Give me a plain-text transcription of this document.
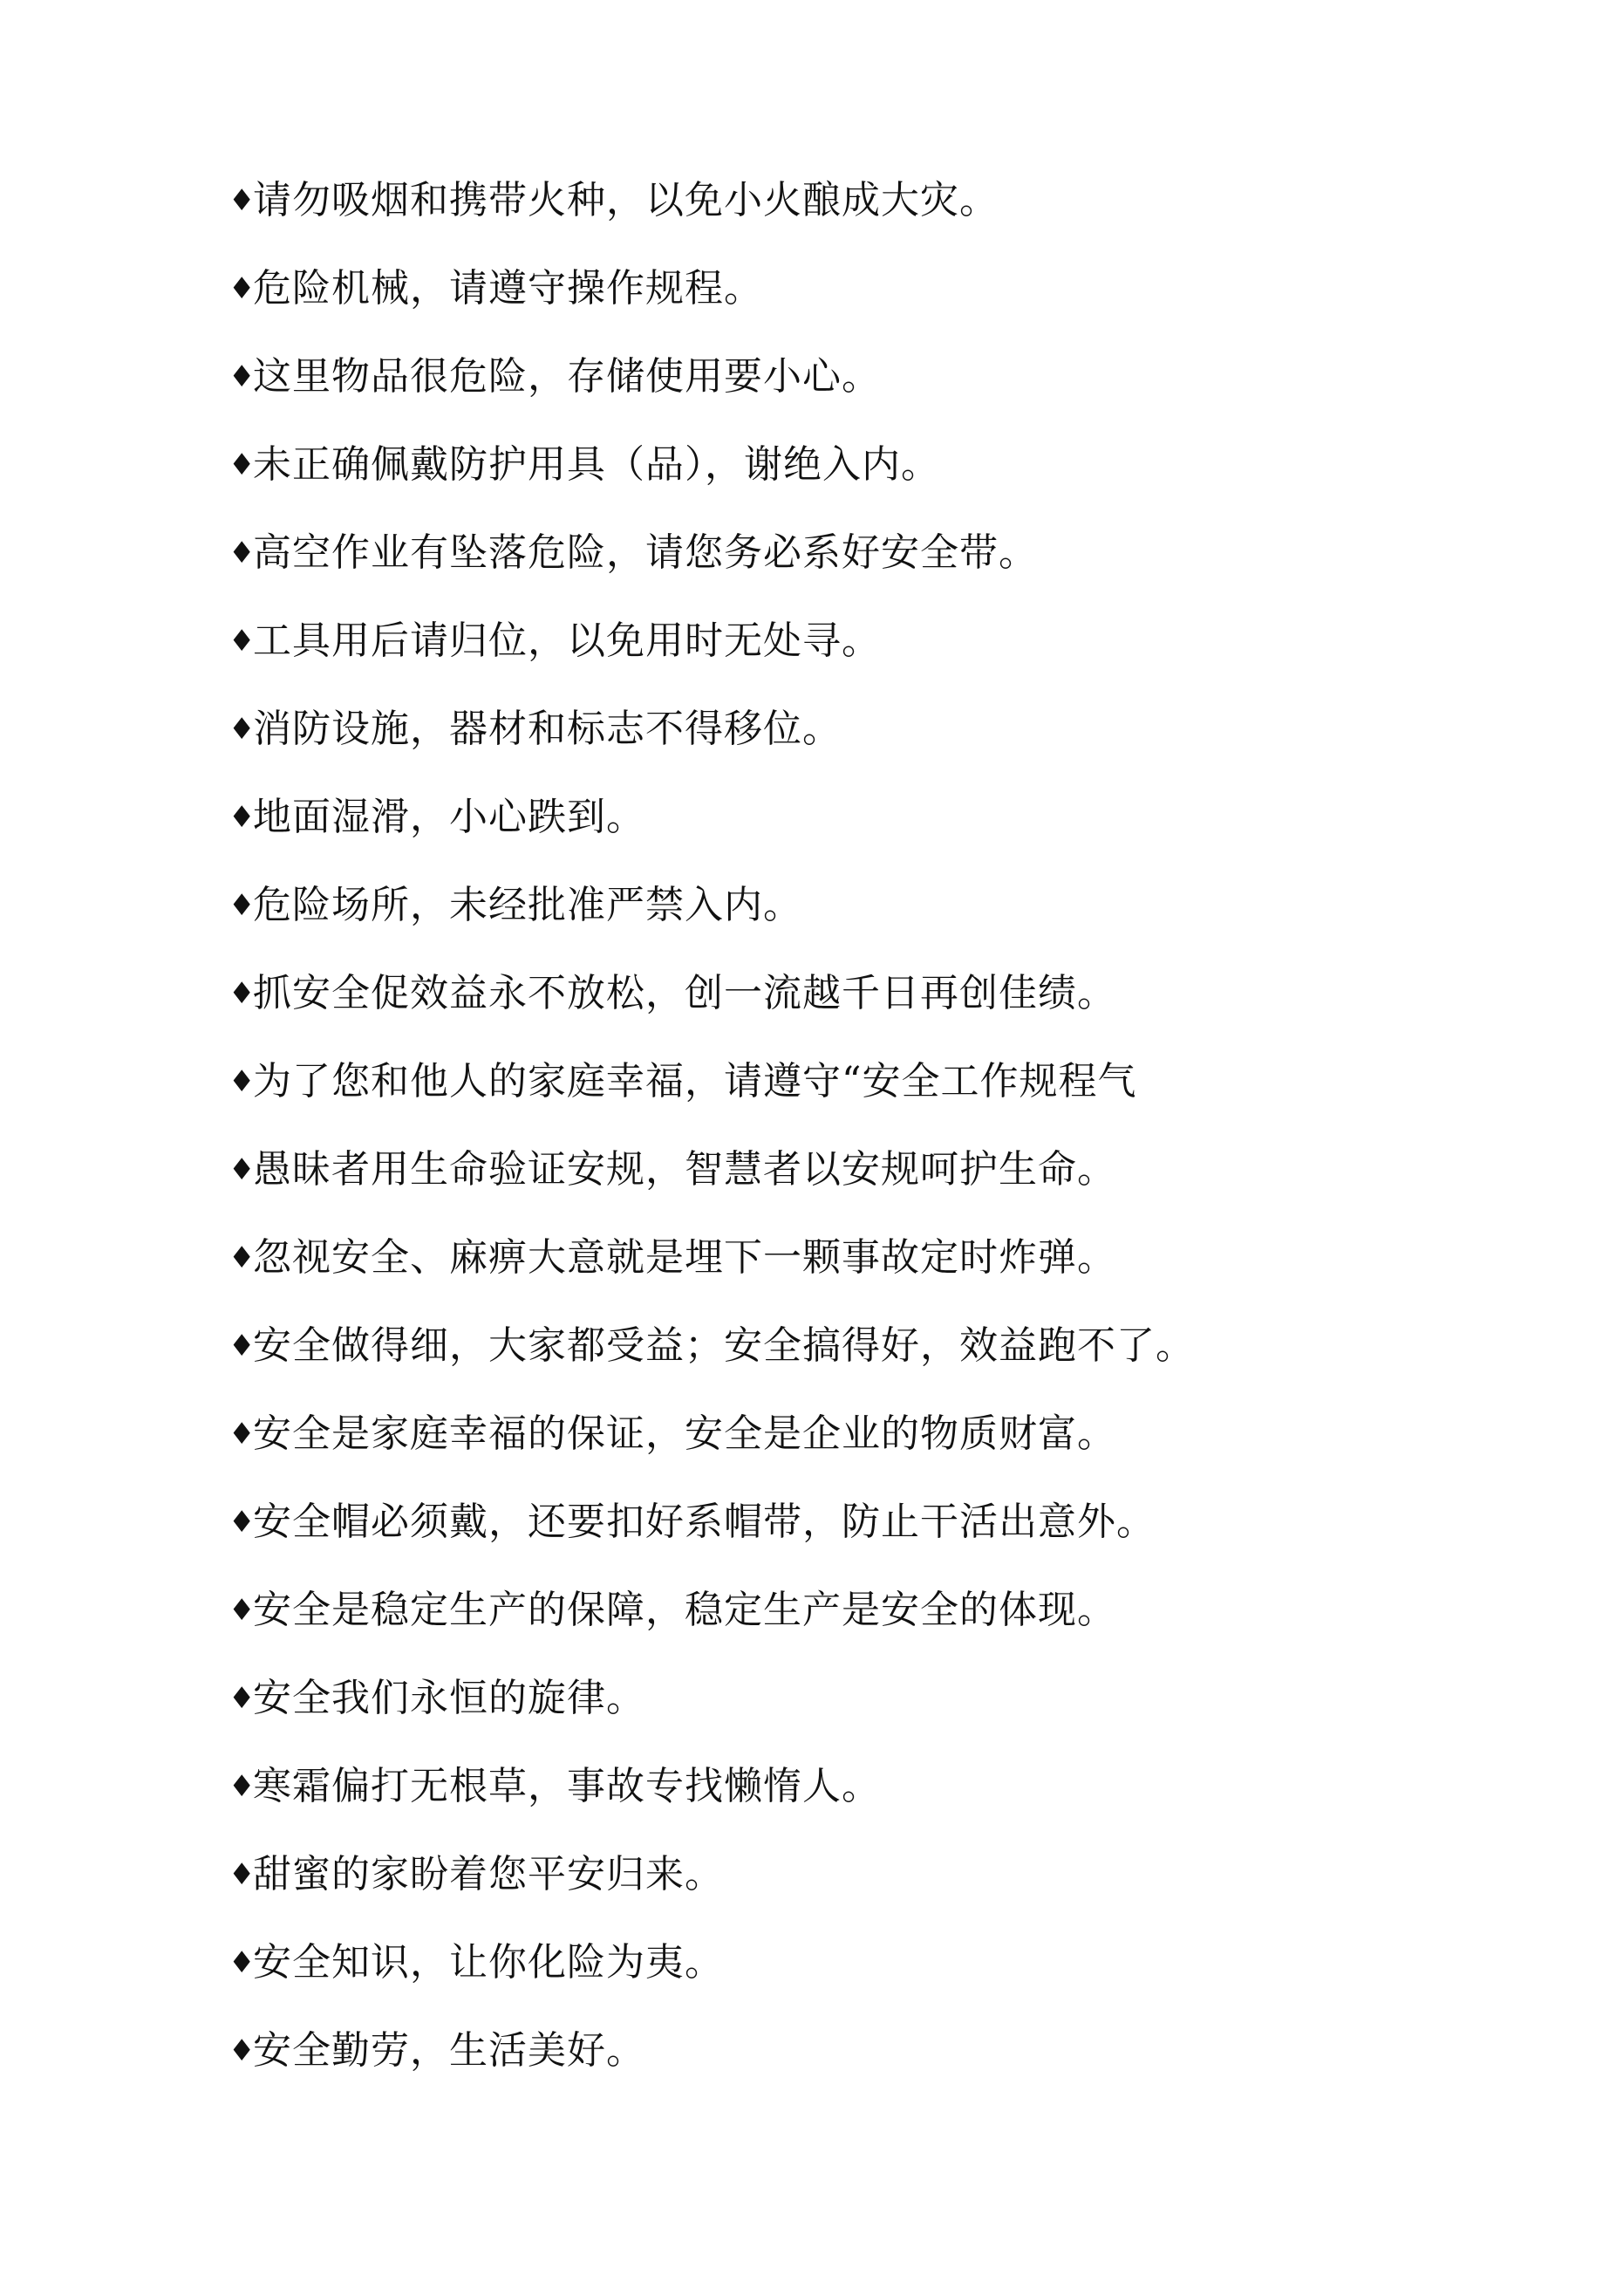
♦
请勿吸烟和携带火种，以免小火酿成大灾。
♦
危险机械，请遵守操作规程。
♦
这里物品很危险，存储使用要小心。
♦
未正确佩戴防护用具（品），谢绝入内。
♦
高空作业有坠落危险，请您务必系好安全带。
♦
工具用后请归位，以免用时无处寻。
♦
消防设施，器材和标志不得移位。
♦
地面湿滑，小心跌到。
♦
危险场所，未经批准严禁入内。
♦
抓安全促效益永不放松，创一流越千日再创佳绩。
♦
为了您和他人的家庭幸福，请遵守“安全工作规程气
♦
愚昧者用生命验证安规，智慧者以安规呵护生命。
♦
忽视安全、麻痹大意就是埋下一颗事故定时炸弹。
♦
安全做得细，大家都受益；安全搞得好，效益跑不了。
♦
安全是家庭幸福的保证，安全是企业的物质财富。
♦
安全帽必须戴，还要扣好系帽带，防止干活出意外。
♦
安全是稳定生产的保障，稳定生产是安全的体现。
♦
安全我们永恒的旋律。
♦
寒霜偏打无根草，事故专找懒惰人。
♦
甜蜜的家盼着您平安归来。
♦
安全知识，让你化险为夷。
♦
安全勤劳，生活美好。
